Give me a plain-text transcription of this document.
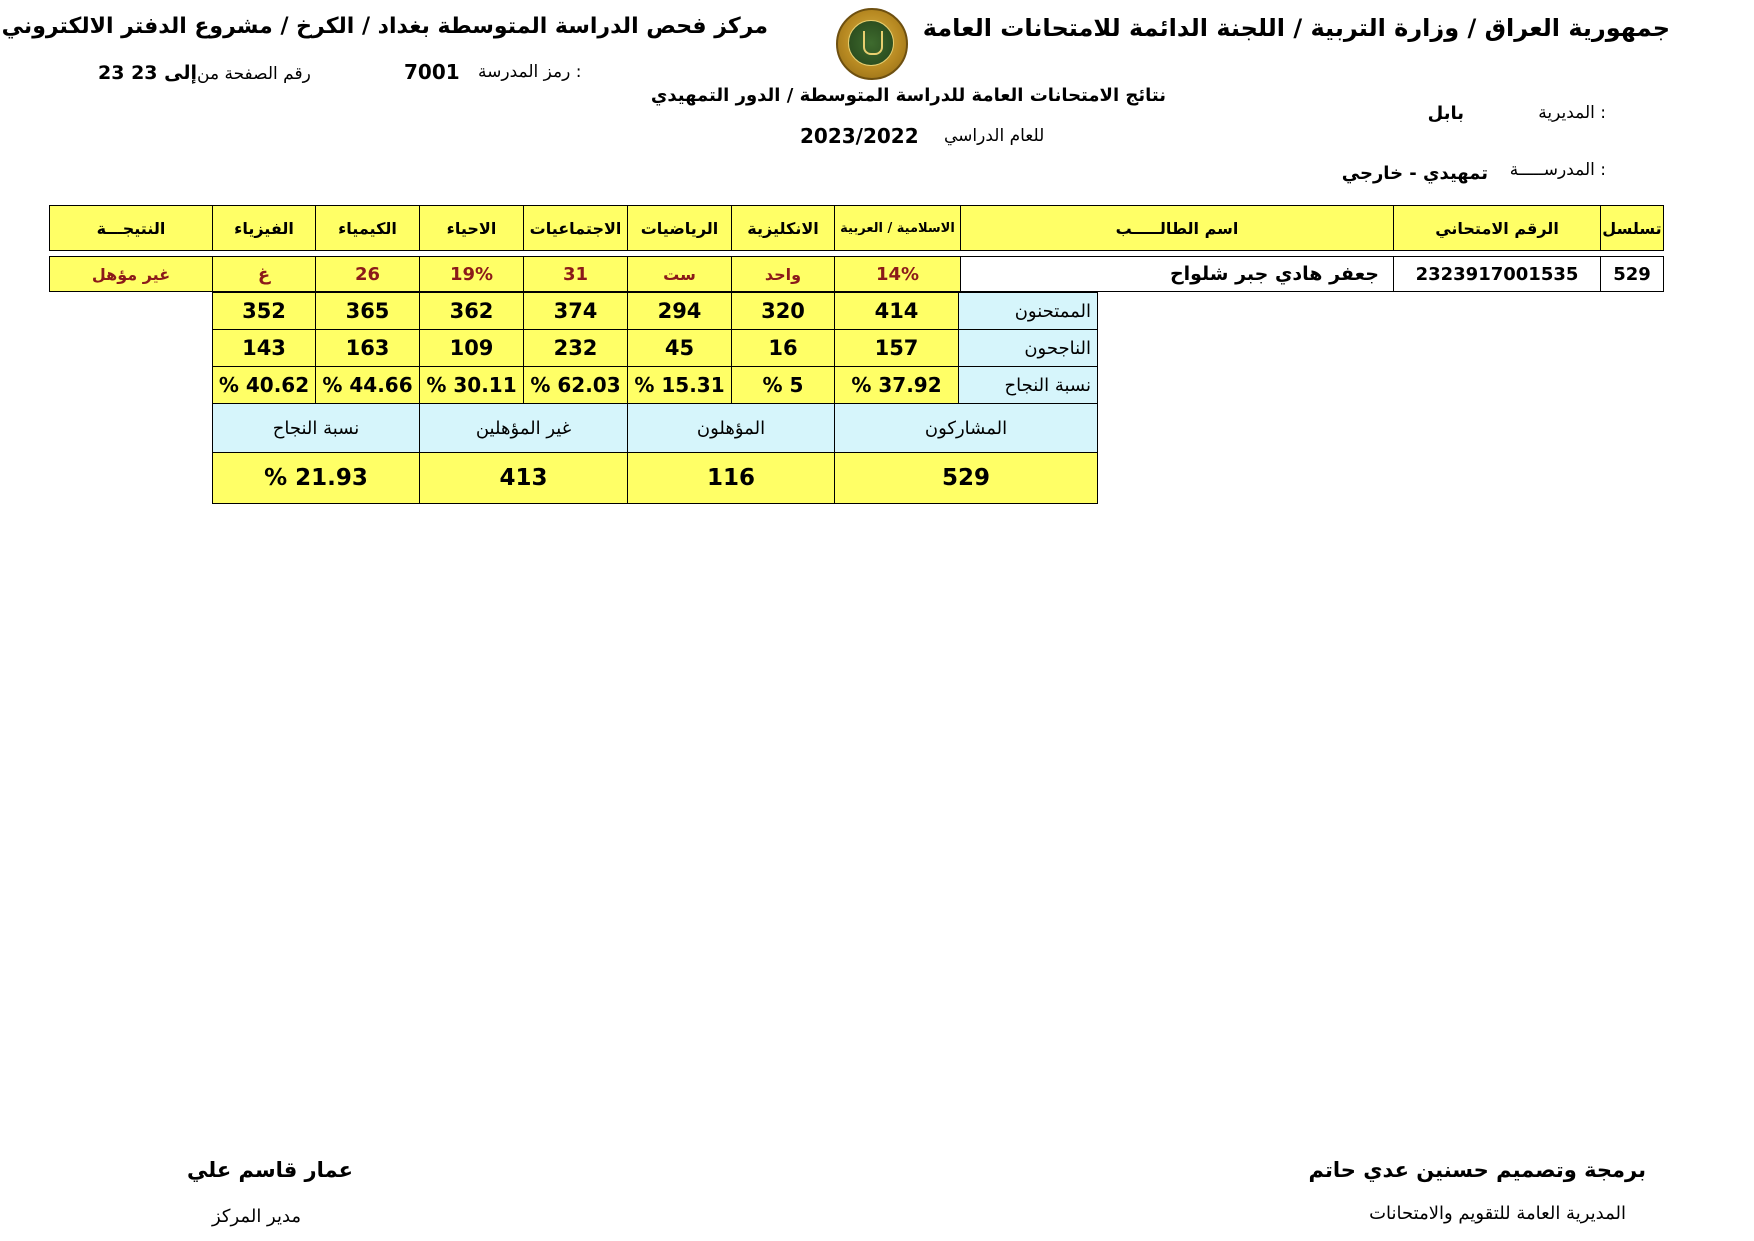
جمهورية العراق / وزارة التربية / اللجنة الدائمة للامتحانات العامة
مركز فحص الدراسة المتوسطة بغداد / الكرخ / مشروع الدفتر الالكتروني
رمز المدرسة :
7001
رقم الصفحة من
23 إلى 23
نتائج الامتحانات العامة للدراسة المتوسطة / الدور التمهيدي
للعام الدراسي
2023/2022
المديرية :
بابل
المدرســـــة :
تمهيدي - خارجي
تسلسل
الرقم الامتحاني
اسم الطالـــــب
الاسلامية / العربية
الانكليزية
الرياضيات
الاجتماعيات
الاحياء
الكيمياء
الفيزياء
النتيجـــة
529
2323917001535
جعفر هادي جبر شلواح
14%
واحد
ست
31
19%
26
غ
غير مؤهل
الممتحنون
الناجحون
نسبة النجاح
414
320
294
374
362
365
352
157
16
45
232
109
163
143
37.92 %
5 %
15.31 %
62.03 %
30.11 %
44.66 %
40.62 %
المشاركون
المؤهلون
غير المؤهلين
نسبة النجاح
529
116
413
21.93 %
برمجة وتصميم حسنين عدي حاتم
المديرية العامة للتقويم والامتحانات
عمار قاسم علي
مدير المركز
